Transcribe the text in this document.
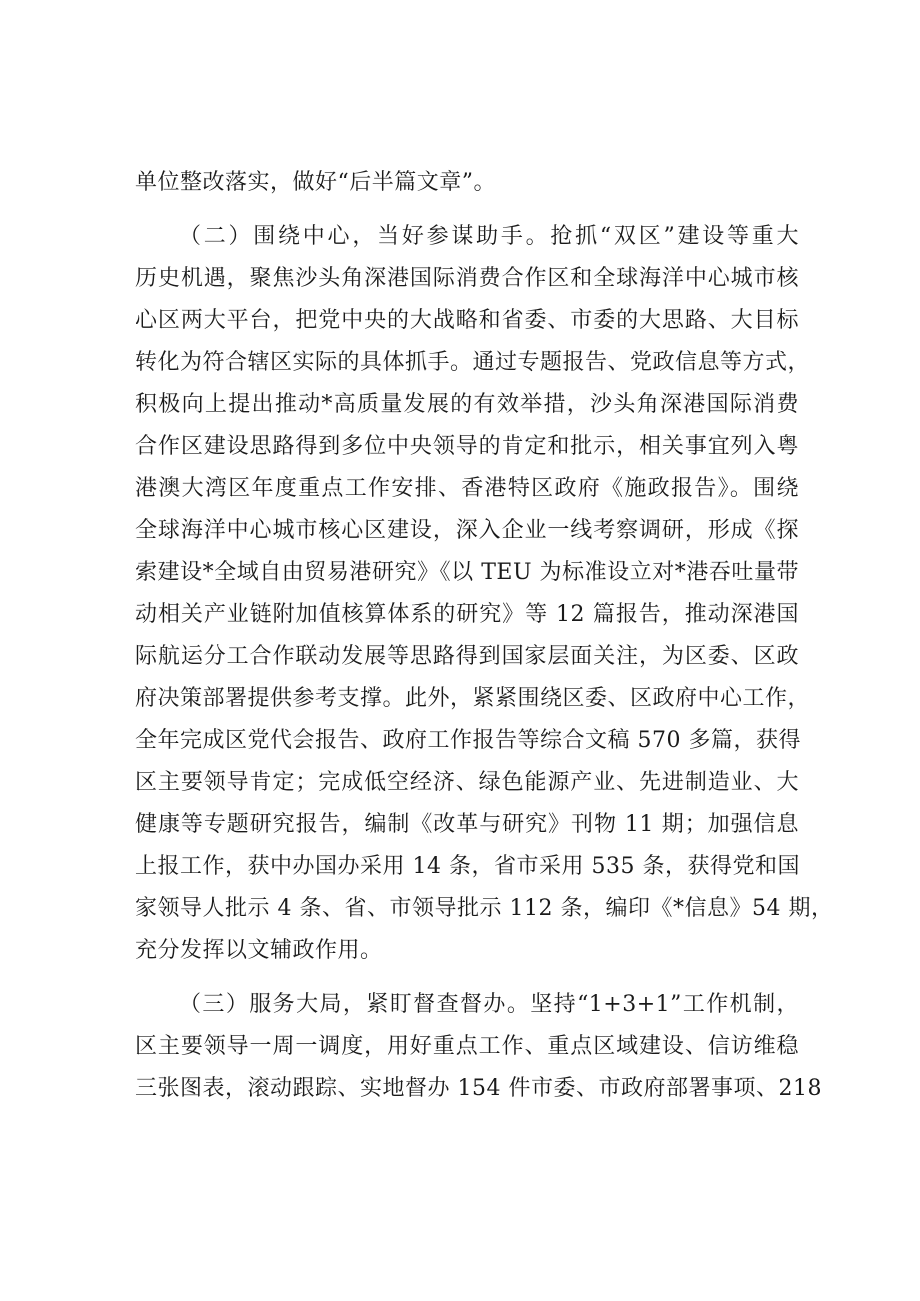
单位整改落实，做好“后半篇文章”。
（二）围绕中心，当好参谋助手。抢抓“双区”建设等重大
历史机遇，聚焦沙头角深港国际消费合作区和全球海洋中心城市核
心区两大平台，把党中央的大战略和省委、市委的大思路、大目标
转化为符合辖区实际的具体抓手。通过专题报告、党政信息等方式，
积极向上提出推动*高质量发展的有效举措，沙头角深港国际消费
合作区建设思路得到多位中央领导的肯定和批示，相关事宜列入粤
港澳大湾区年度重点工作安排、香港特区政府《施政报告》。围绕
全球海洋中心城市核心区建设，深入企业一线考察调研，形成《探
索建设*全域自由贸易港研究》《以 TEU 为标准设立对*港吞吐量带
动相关产业链附加值核算体系的研究》等 12 篇报告，推动深港国
际航运分工合作联动发展等思路得到国家层面关注，为区委、区政
府决策部署提供参考支撑。此外，紧紧围绕区委、区政府中心工作，
全年完成区党代会报告、政府工作报告等综合文稿 570 多篇，获得
区主要领导肯定；完成低空经济、绿色能源产业、先进制造业、大
健康等专题研究报告，编制《改革与研究》刊物 11 期；加强信息
上报工作，获中办国办采用 14 条，省市采用 535 条，获得党和国
家领导人批示 4 条、省、市领导批示 112 条，编印《*信息》54 期，
充分发挥以文辅政作用。
（三）服务大局，紧盯督查督办。坚持“1+3+1”工作机制，
区主要领导一周一调度，用好重点工作、重点区域建设、信访维稳
三张图表，滚动跟踪、实地督办 154 件市委、市政府部署事项、218
